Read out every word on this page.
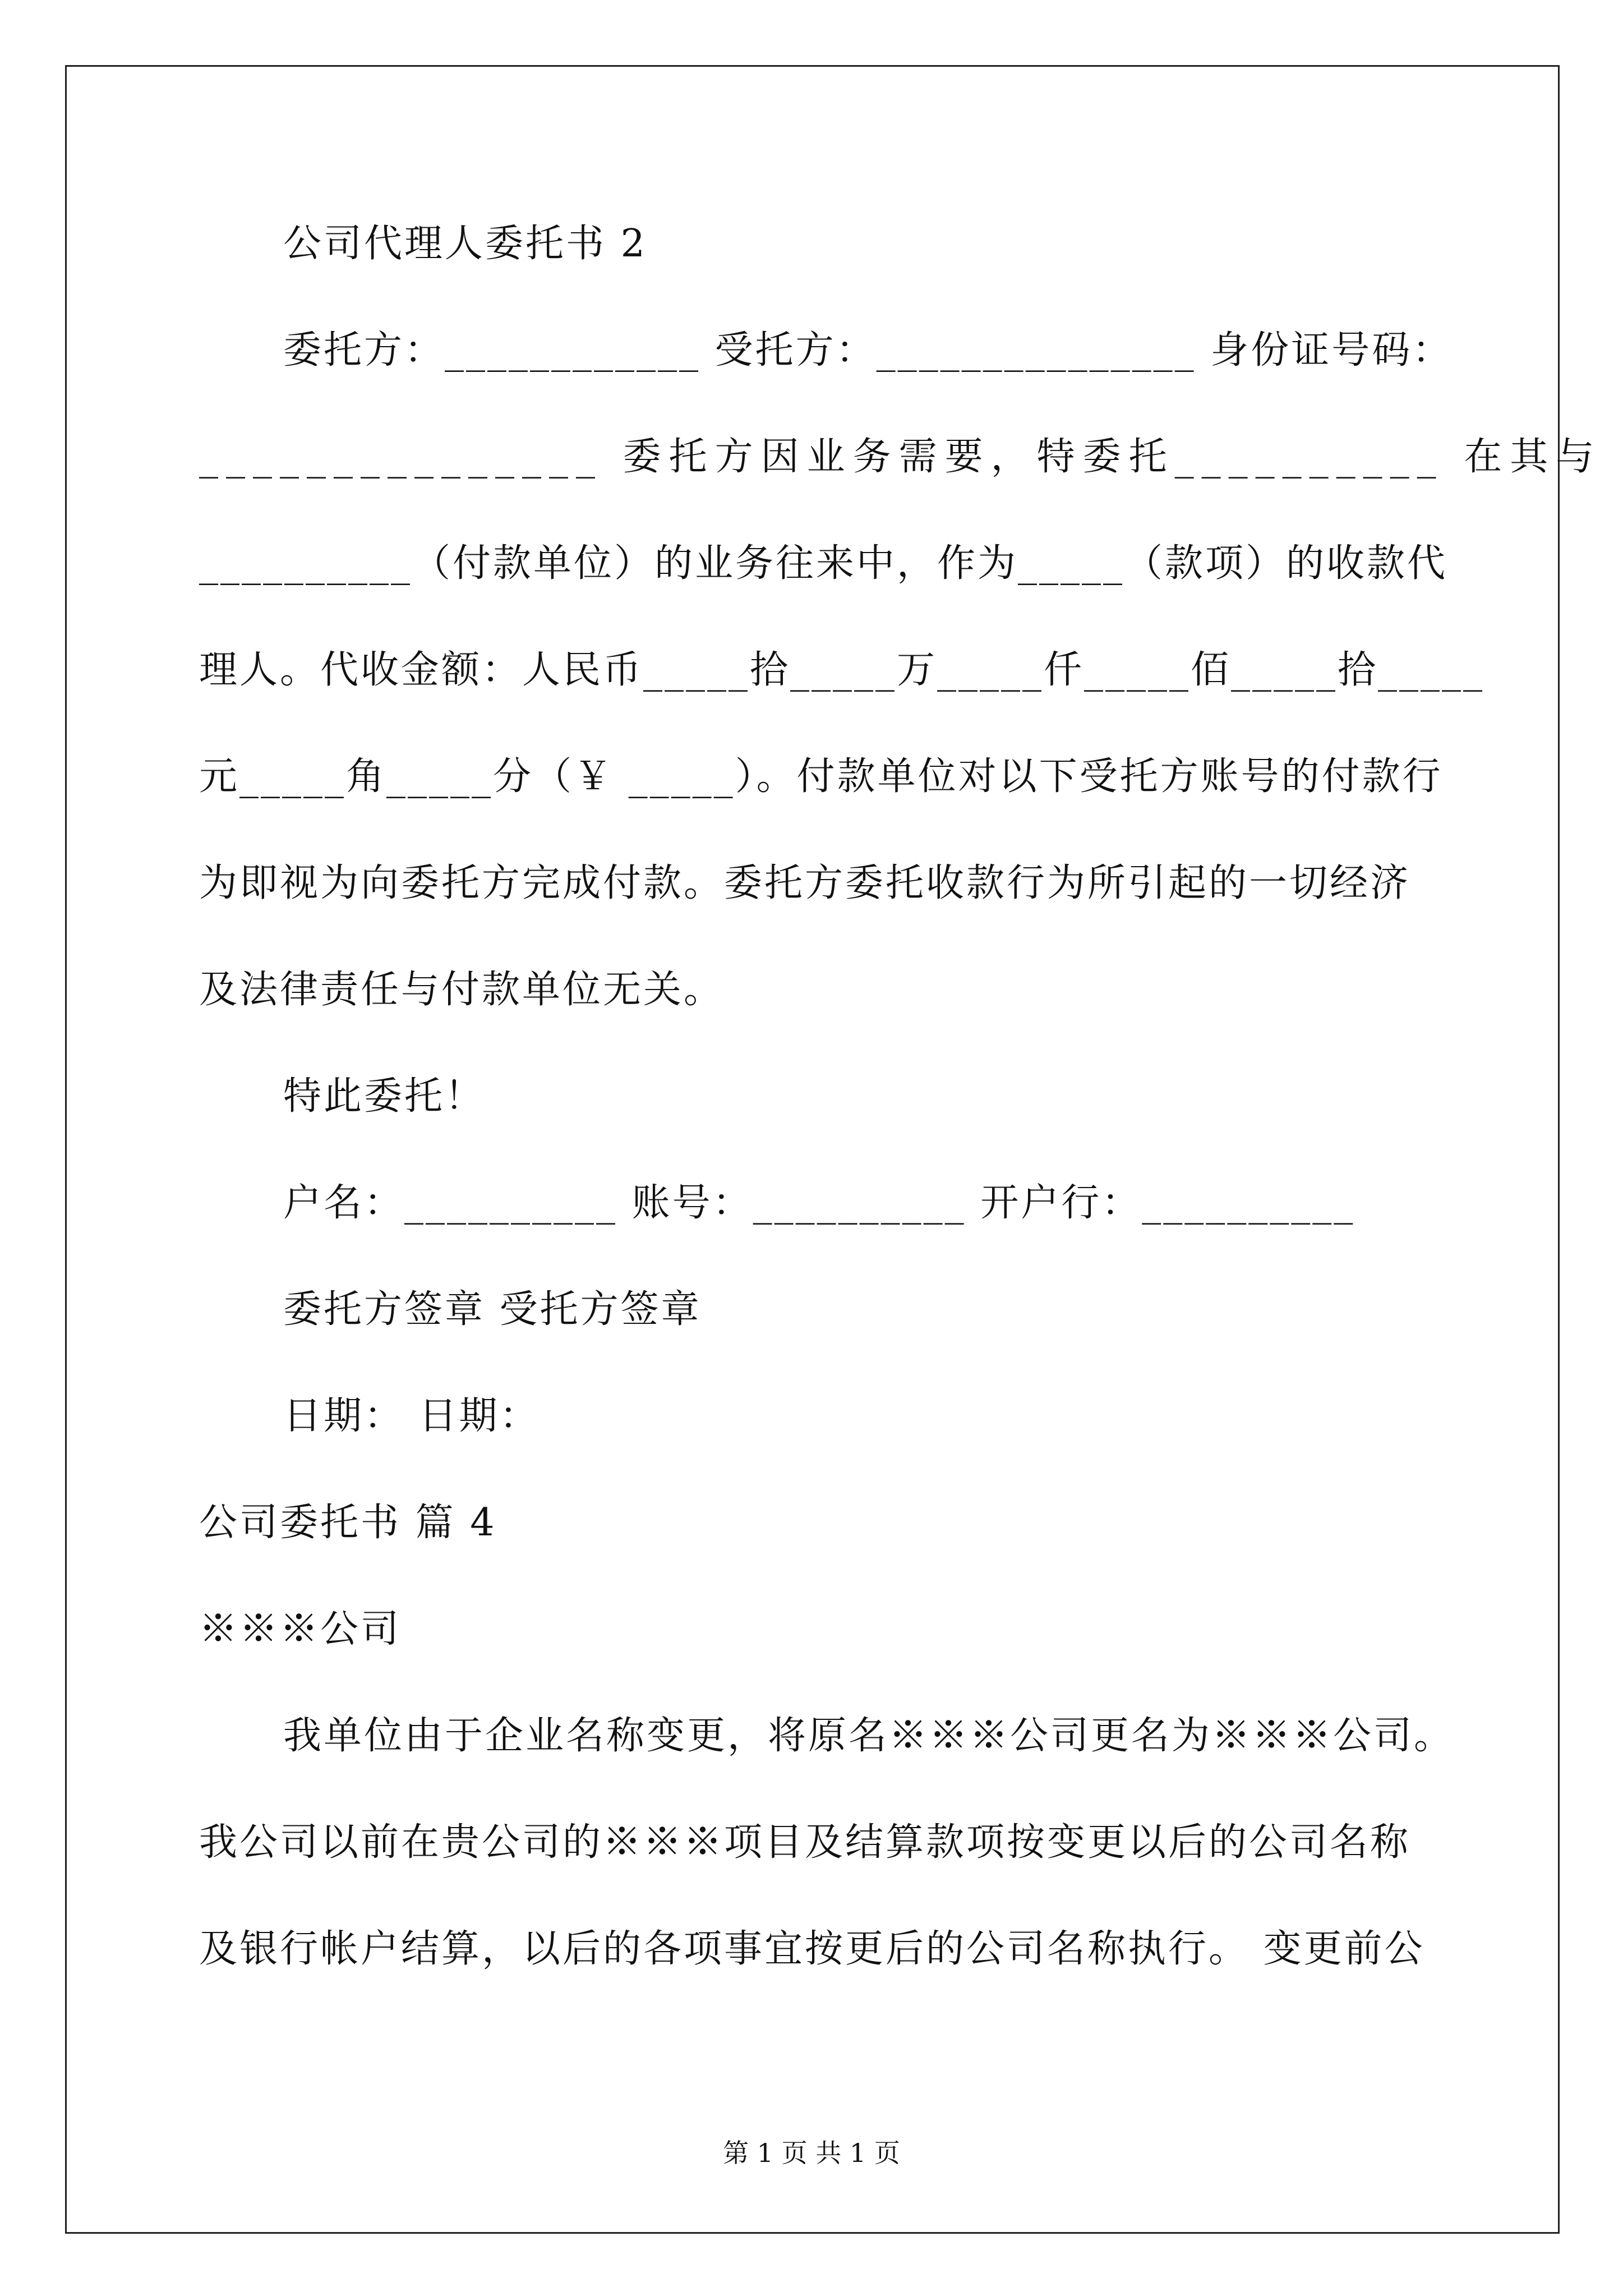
公司代理人委托书 2
委托方：____________ 受托方：_______________ 身份证号码：
_______________ 委托方因业务需要，特委托__________ 在其与
__________（付款单位）的业务往来中，作为_____（款项）的收款代
理人。代收金额：人民币_____拾_____万_____仟_____佰_____拾_____
元_____角_____分（￥ _____）。付款单位对以下受托方账号的付款行
为即视为向委托方完成付款。委托方委托收款行为所引起的一切经济
及法律责任与付款单位无关。
特此委托！
户名：__________ 账号：__________ 开户行：__________
委托方签章 受托方签章
日期： 日期：
公司委托书 篇 4
※※※公司
我单位由于企业名称变更，将原名※※※公司更名为※※※公司。
我公司以前在贵公司的※※※项目及结算款项按变更以后的公司名称
及银行帐户结算，以后的各项事宜按更后的公司名称执行。 变更前公
第 1 页 共 1 页
